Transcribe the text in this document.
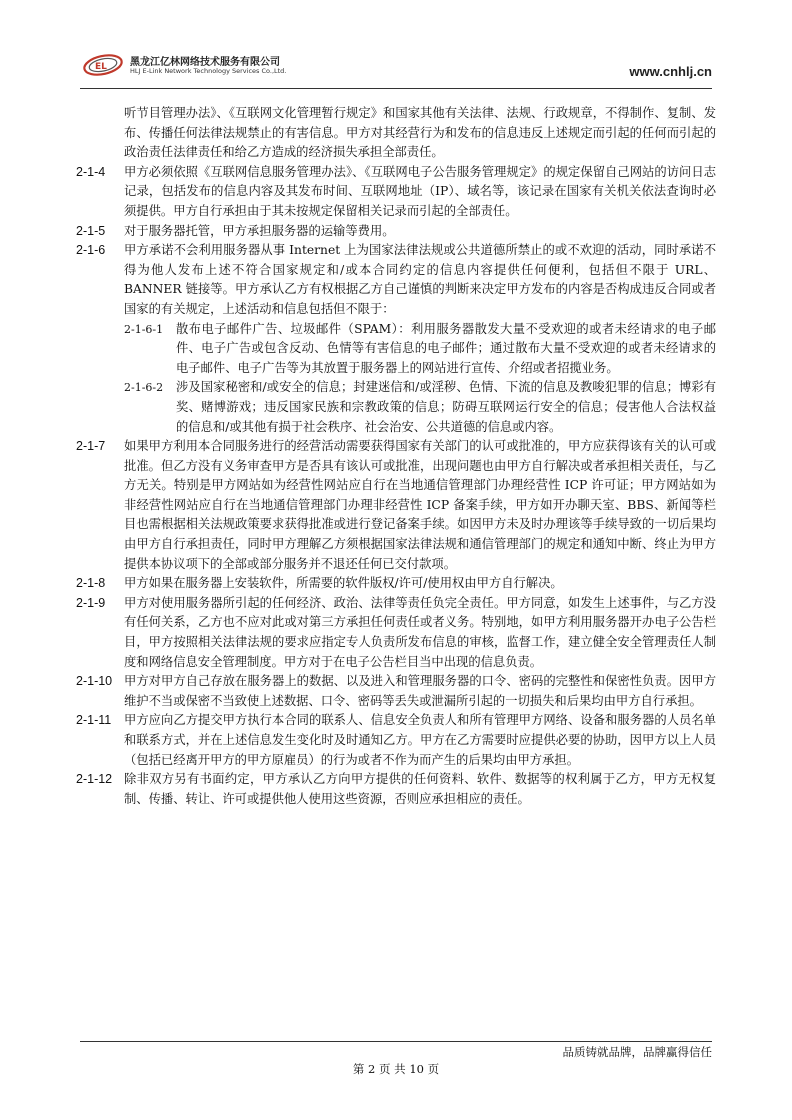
EL 黑龙江亿林网络技术服务有限公司
HLJ E-Link Network Technology Services Co.,Ltd.	www.cnhlj.cn

听节目管理办法》、《互联网文化管理暂行规定》和国家其他有关法律、法规、行政规章，不得制作、复制、发布、传播任何法律法规禁止的有害信息。甲方对其经营行为和发布的信息违反上述规定而引起的任何而引起的政治责任法律责任和给乙方造成的经济损失承担全部责任。

2-1-4	甲方必须依照《互联网信息服务管理办法》、《互联网电子公告服务管理规定》的规定保留自己网站的访问日志记录，包括发布的信息内容及其发布时间、互联网地址（IP）、域名等，该记录在国家有关机关依法查询时必须提供。甲方自行承担由于其未按规定保留相关记录而引起的全部责任。
2-1-5	对于服务器托管，甲方承担服务器的运输等费用。
2-1-6	甲方承诺不会利用服务器从事 Internet 上为国家法律法规或公共道德所禁止的或不欢迎的活动，同时承诺不得为他人发布上述不符合国家规定和/或本合同约定的信息内容提供任何便利，包括但不限于 URL、BANNER 链接等。甲方承认乙方有权根据乙方自己谨慎的判断来决定甲方发布的内容是否构成违反合同或者国家的有关规定，上述活动和信息包括但不限于：
2-1-6-1	散布电子邮件广告、垃圾邮件（SPAM）：利用服务器散发大量不受欢迎的或者未经请求的电子邮件、电子广告或包含反动、色情等有害信息的电子邮件；通过散布大量不受欢迎的或者未经请求的电子邮件、电子广告等为其放置于服务器上的网站进行宣传、介绍或者招揽业务。
2-1-6-2	涉及国家秘密和/或安全的信息；封建迷信和/或淫秽、色情、下流的信息及教唆犯罪的信息；博彩有奖、赌博游戏；违反国家民族和宗教政策的信息；防碍互联网运行安全的信息；侵害他人合法权益的信息和/或其他有损于社会秩序、社会治安、公共道德的信息或内容。
2-1-7	如果甲方利用本合同服务进行的经营活动需要获得国家有关部门的认可或批准的，甲方应获得该有关的认可或批准。但乙方没有义务审查甲方是否具有该认可或批准，出现问题也由甲方自行解决或者承担相关责任，与乙方无关。特别是甲方网站如为经营性网站应自行在当地通信管理部门办理经营性 ICP 许可证；甲方网站如为非经营性网站应自行在当地通信管理部门办理非经营性 ICP 备案手续，甲方如开办聊天室、BBS、新闻等栏目也需根据相关法规政策要求获得批准或进行登记备案手续。如因甲方未及时办理该等手续导致的一切后果均由甲方自行承担责任，同时甲方理解乙方须根据国家法律法规和通信管理部门的规定和通知中断、终止为甲方提供本协议项下的全部或部分服务并不退还任何已交付款项。
2-1-8	甲方如果在服务器上安装软件，所需要的软件版权/许可/使用权由甲方自行解决。
2-1-9	甲方对使用服务器所引起的任何经济、政治、法律等责任负完全责任。甲方同意，如发生上述事件，与乙方没有任何关系，乙方也不应对此或对第三方承担任何责任或者义务。特别地，如甲方利用服务器开办电子公告栏目，甲方按照相关法律法规的要求应指定专人负责所发布信息的审核，监督工作，建立健全安全管理责任人制度和网络信息安全管理制度。甲方对于在电子公告栏目当中出现的信息负责。
2-1-10 甲方对甲方自己存放在服务器上的数据、以及进入和管理服务器的口令、密码的完整性和保密性负责。因甲方维护不当或保密不当致使上述数据、口令、密码等丢失或泄漏所引起的一切损失和后果均由甲方自行承担。
2-1-11	甲方应向乙方提交甲方执行本合同的联系人、信息安全负责人和所有管理甲方网络、设备和服务器的人员名单和联系方式，并在上述信息发生变化时及时通知乙方。甲方在乙方需要时应提供必要的协助，因甲方以上人员（包括已经离开甲方的甲方原雇员）的行为或者不作为而产生的后果均由甲方承担。
2-1-12 除非双方另有书面约定，甲方承认乙方向甲方提供的任何资料、软件、数据等的权利属于乙方，甲方无权复制、传播、转让、许可或提供他人使用这些资源，否则应承担相应的责任。
品质铸就品牌，品牌赢得信任
第 2 页 共 10 页
